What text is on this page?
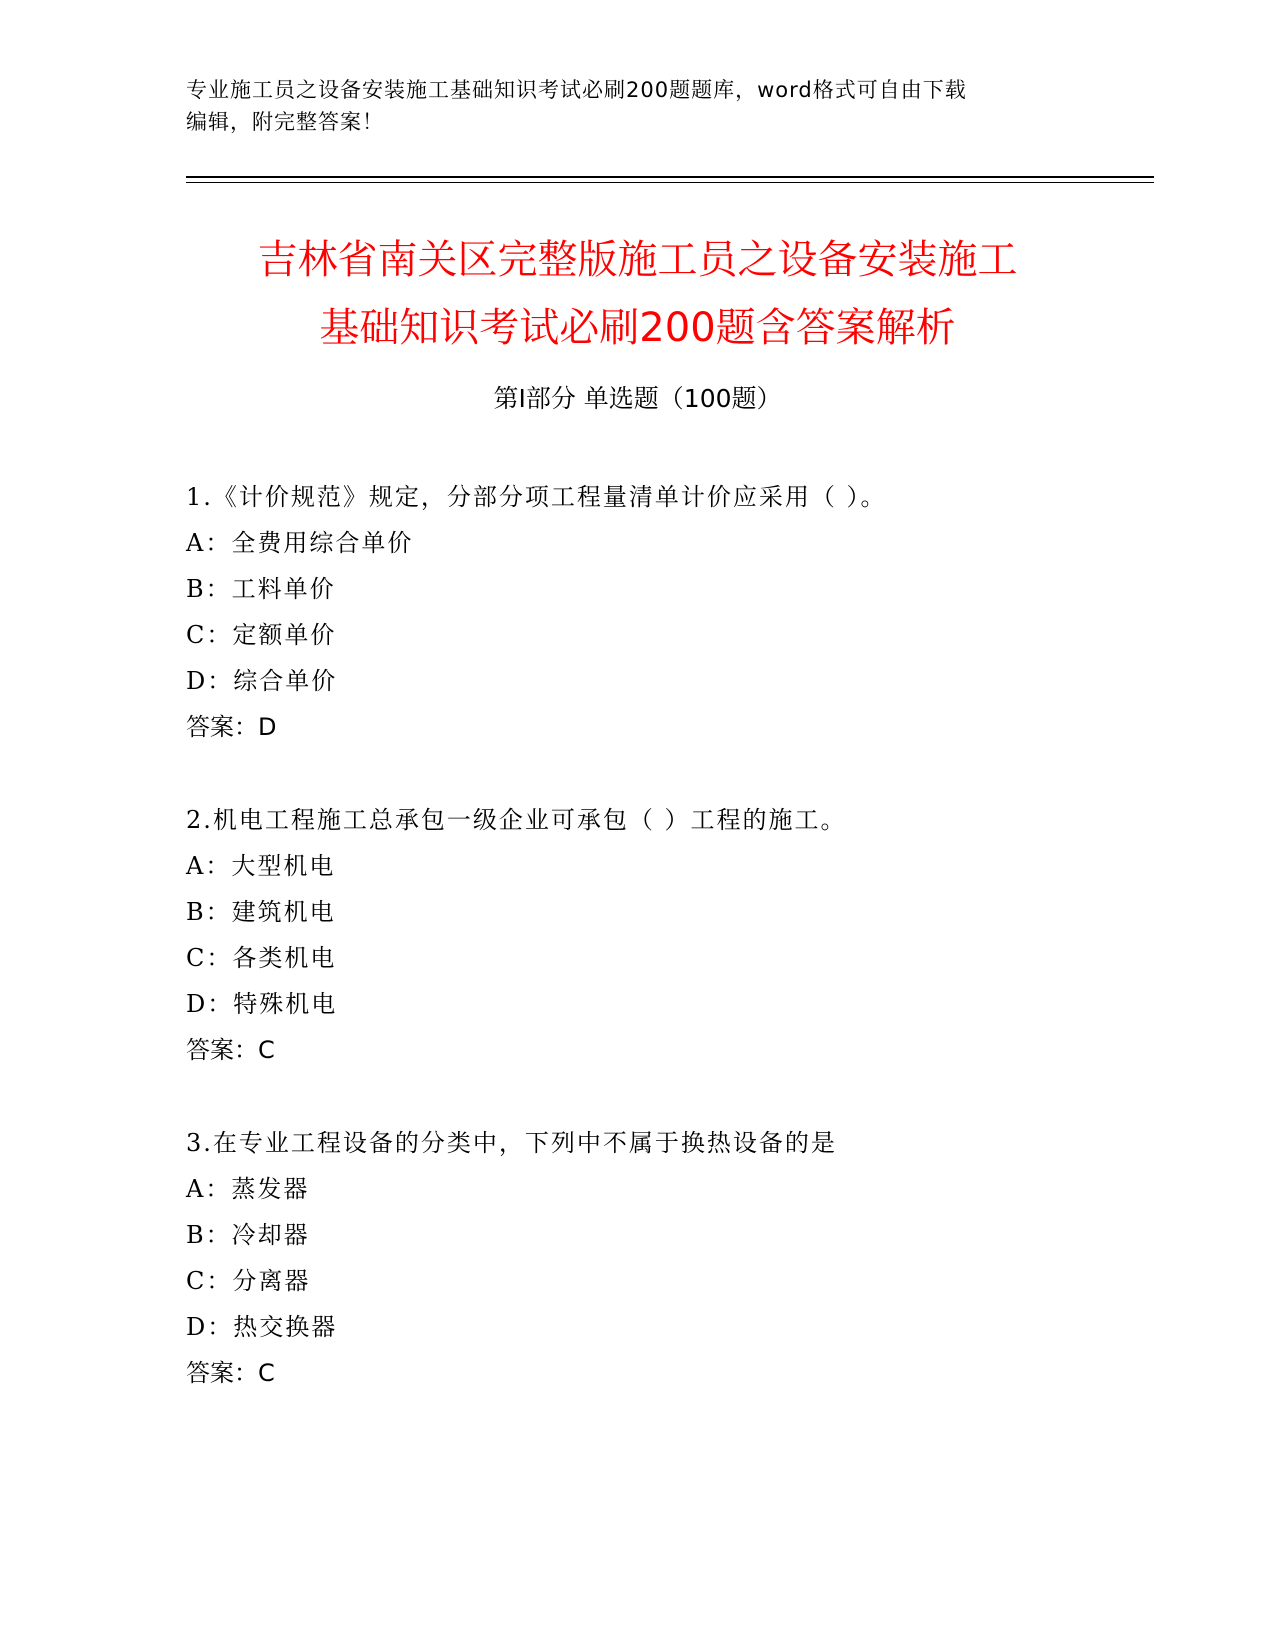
专业施工员之设备安装施工基础知识考试必刷200题题库，word格式可自由下载
编辑，附完整答案！
吉林省南关区完整版施工员之设备安装施工
基础知识考试必刷200题含答案解析
第Ⅰ部分 单选题（100题）
1.《计价规范》规定，分部分项工程量清单计价应采用（ ）。
A：全费用综合单价
B：工料单价
C：定额单价
D：综合单价
答案：D
2.机电工程施工总承包一级企业可承包（ ）工程的施工。
A：大型机电
B：建筑机电
C：各类机电
D：特殊机电
答案：C
3.在专业工程设备的分类中，下列中不属于换热设备的是
A：蒸发器
B：冷却器
C：分离器
D：热交换器
答案：C
